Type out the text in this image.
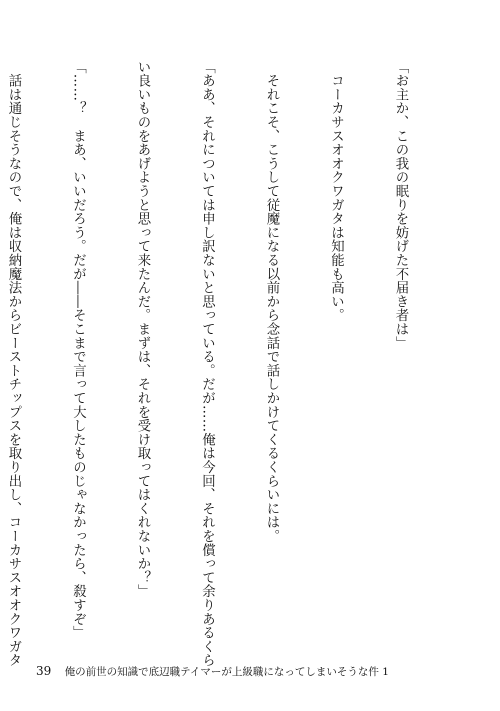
「お主か、この我の眠りを妨げた不届き者は」

　コーカサスオオクワガタは知能も高い。

　それこそ、こうして従魔になる以前から念話で話しかけてくるくらいには。

「ああ、それについては申し訳ないと思っている。だが……俺は今回、それを償って余りあるくら

い良いものをあげようと思って来たんだ。まずは、それを受け取ってはくれないか？」

「……？　まあ、いいだろう。だが――そこまで言って大したものじゃなかったら、殺すぞ」

　話は通じそうなので、俺は収納魔法からビーストチップスを取り出し、コーカサスオオクワガタ

39 俺の前世の知識で底辺職テイマーが上級職になってしまいそうな件 1
